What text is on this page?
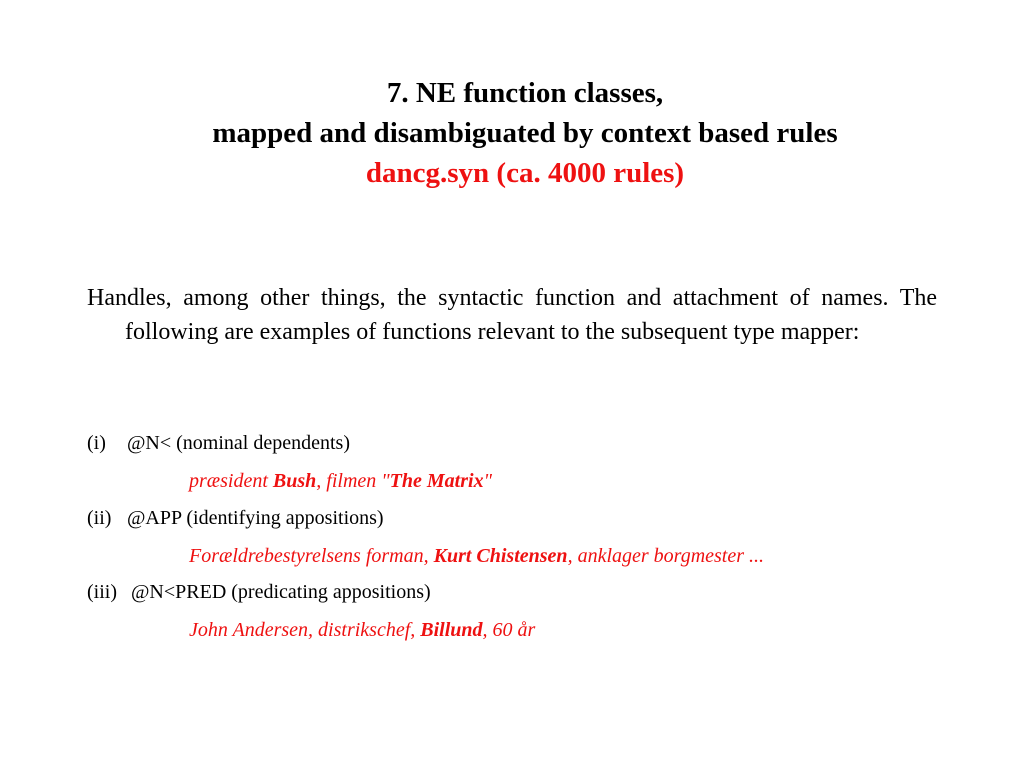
7. NE function classes,
mapped and disambiguated by context based rules
dancg.syn (ca. 4000 rules)
Handles, among other things, the syntactic function and attachment of names. The following are examples of functions relevant to the subsequent type mapper:
(i) @N< (nominal dependents)
(ii) @APP (identifying appositions)
(iii) @N<PRED (predicating appositions)
præsident Bush, filmen "The Matrix"
Forældrebestyrelsens forman, Kurt Chistensen, anklager borgmester ...
John Andersen, distrikschef, Billund, 60 år
